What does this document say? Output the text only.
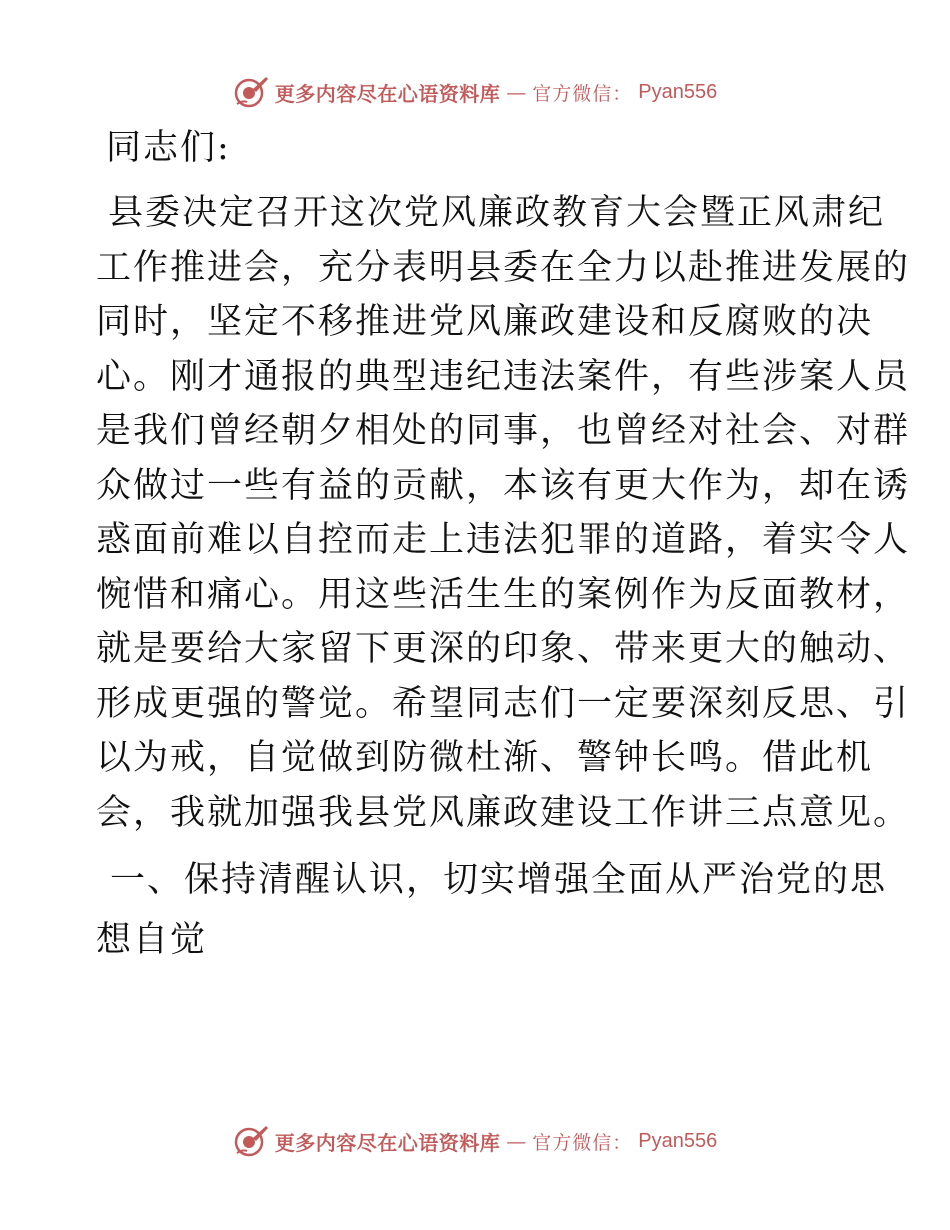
更多内容尽在心语资料库 — 官方微信： Pyan556
同志们:
县委决定召开这次党风廉政教育大会暨正风肃纪
工作推进会，充分表明县委在全力以赴推进发展的
同时，坚定不移推进党风廉政建设和反腐败的决
心。刚才通报的典型违纪违法案件，有些涉案人员
是我们曾经朝夕相处的同事，也曾经对社会、对群
众做过一些有益的贡献，本该有更大作为，却在诱
惑面前难以自控而走上违法犯罪的道路，着实令人
惋惜和痛心。用这些活生生的案例作为反面教材，
就是要给大家留下更深的印象、带来更大的触动、
形成更强的警觉。希望同志们一定要深刻反思、引
以为戒，自觉做到防微杜渐、警钟长鸣。借此机
会，我就加强我县党风廉政建设工作讲三点意见。
一、保持清醒认识，切实增强全面从严治党的思
想自觉
更多内容尽在心语资料库 — 官方微信： Pyan556
